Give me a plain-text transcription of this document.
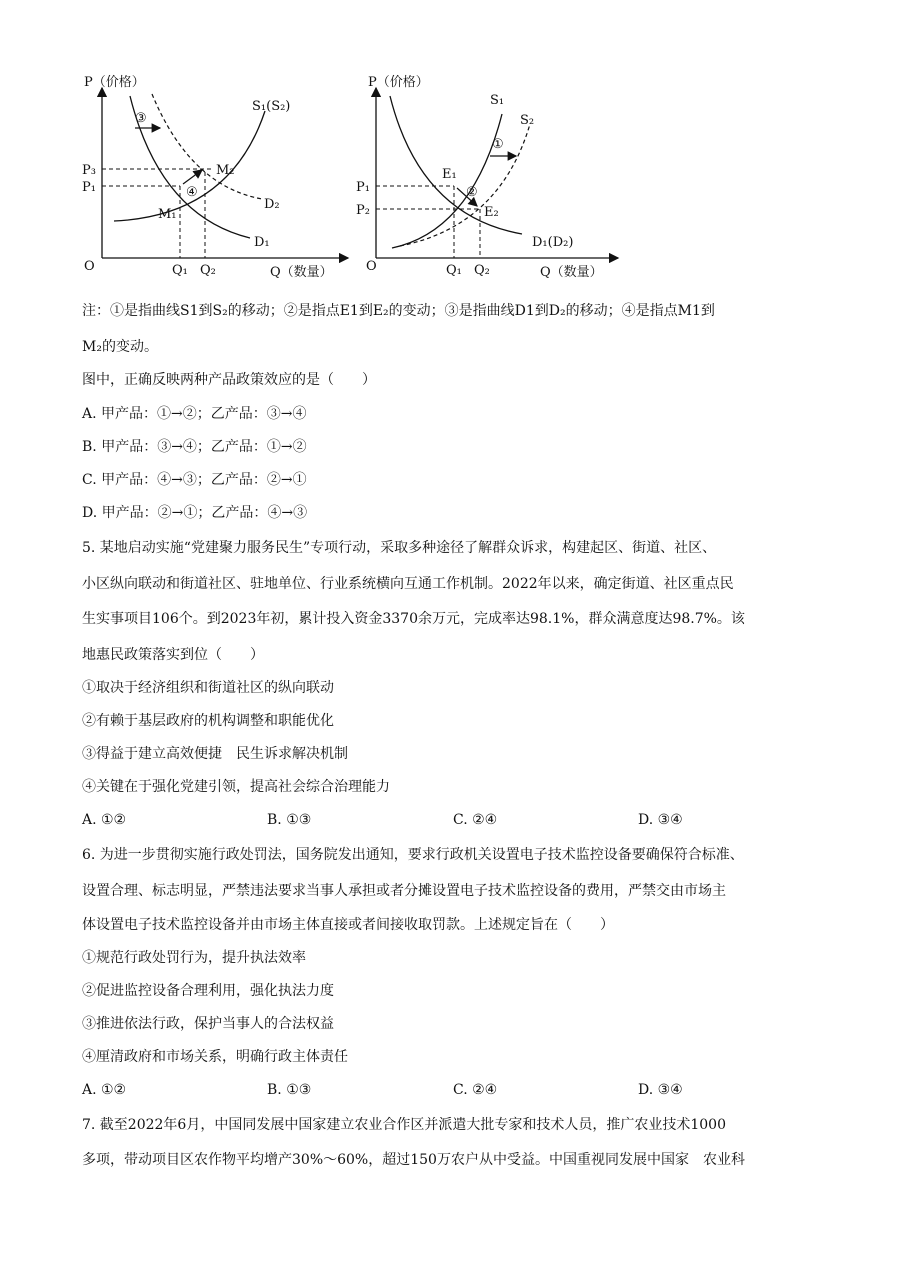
P（价格）
Q（数量）
O
S₁(S₂)
D₁
D₂
P₃
P₁
Q₁ Q₂
M₁
M₂
③
④
P（价格）
Q（数量）
O
S₁
S₂
D₁(D₂)
P₁
P₂
Q₁ Q₂
E₁
E₂
①
②
注：①是指曲线S1到S₂的移动；②是指点E1到E₂的变动；③是指曲线D1到D₂的移动；④是指点M1到
M₂的变动。
图中，正确反映两种产品政策效应的是（　　）
A. 甲产品：①→②；乙产品：③→④
B. 甲产品：③→④；乙产品：①→②
C. 甲产品：④→③；乙产品：②→①
D. 甲产品：②→①；乙产品：④→③
5. 某地启动实施“党建聚力服务民生”专项行动，采取多种途径了解群众诉求，构建起区、街道、社区、
小区纵向联动和街道社区、驻地单位、行业系统横向互通工作机制。2022年以来，确定街道、社区重点民
生实事项目106个。到2023年初，累计投入资金3370余万元，完成率达98.1%，群众满意度达98.7%。该
地惠民政策落实到位（　　）
①取决于经济组织和街道社区的纵向联动
②有赖于基层政府的机构调整和职能优化
③得益于建立高效便捷　民生诉求解决机制
④关键在于强化党建引领，提高社会综合治理能力
A. ①②	B. ①③	C. ②④	D. ③④
6. 为进一步贯彻实施行政处罚法，国务院发出通知，要求行政机关设置电子技术监控设备要确保符合标准、
设置合理、标志明显，严禁违法要求当事人承担或者分摊设置电子技术监控设备的费用，严禁交由市场主
体设置电子技术监控设备并由市场主体直接或者间接收取罚款。上述规定旨在（　　）
①规范行政处罚行为，提升执法效率
②促进监控设备合理利用，强化执法力度
③推进依法行政，保护当事人的合法权益
④厘清政府和市场关系，明确行政主体责任
A. ①②	B. ①③	C. ②④	D. ③④
7. 截至2022年6月，中国同发展中国家建立农业合作区并派遣大批专家和技术人员，推广农业技术1000
多项，带动项目区农作物平均增产30%～60%，超过150万农户从中受益。中国重视同发展中国家　农业科
